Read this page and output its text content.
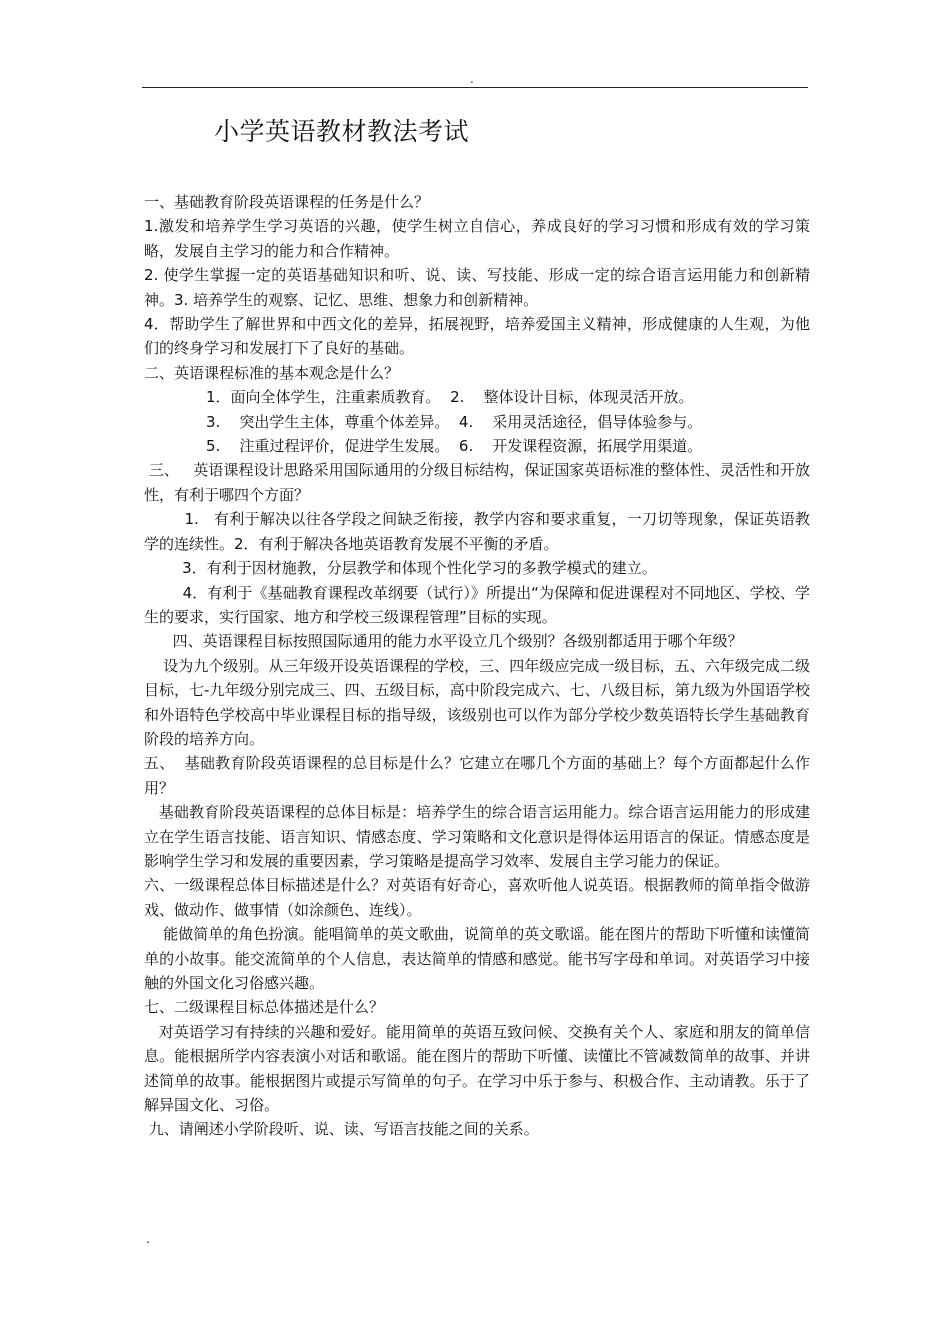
.
小学英语教材教法考试

一、基础教育阶段英语课程的任务是什么？

1.激发和培养学生学习英语的兴趣，使学生树立自信心，养成良好的学习习惯和形成有效的学习策略，发展自主学习的能力和合作精神。

2. 使学生掌握一定的英语基础知识和听、说、读、写技能、形成一定的综合语言运用能力和创新精神。3. 培养学生的观察、记忆、思维、想象力和创新精神。

4．帮助学生了解世界和中西文化的差异，拓展视野，培养爱国主义精神，形成健康的人生观，为他们的终身学习和发展打下了良好的基础。

二、英语课程标准的基本观念是什么？

1．面向全体学生，注重素质教育。  2.    整体设计目标，体现灵活开放。

3.    突出学生主体，尊重个体差异。  4.    采用灵活途径，倡导体验参与。

5.    注重过程评价，促进学生发展。  6.    开发课程资源，拓展学用渠道。

三、   英语课程设计思路采用国际通用的分级目标结构，保证国家英语标准的整体性、灵活性和开放性，有利于哪四个方面？

1.   有利于解决以往各学段之间缺乏衔接，教学内容和要求重复，一刀切等现象，保证英语教学的连续性。2．有利于解决各地英语教育发展不平衡的矛盾。

3．有利于因材施教，分层教学和体现个性化学习的多教学模式的建立。

4．有利于《基础教育课程改革纲要（试行）》所提出“为保障和促进课程对不同地区、学校、学生的要求，实行国家、地方和学校三级课程管理”目标的实现。

四、英语课程目标按照国际通用的能力水平设立几个级别？各级别都适用于哪个年级？

设为九个级别。从三年级开设英语课程的学校，三、四年级应完成一级目标，五、六年级完成二级目标，七-九年级分别完成三、四、五级目标，高中阶段完成六、七、八级目标，第九级为外国语学校和外语特色学校高中毕业课程目标的指导级，该级别也可以作为部分学校少数英语特长学生基础教育阶段的培养方向。

五、  基础教育阶段英语课程的总目标是什么？它建立在哪几个方面的基础上？每个方面都起什么作用？

基础教育阶段英语课程的总体目标是：培养学生的综合语言运用能力。综合语言运用能力的形成建立在学生语言技能、语言知识、情感态度、学习策略和文化意识是得体运用语言的保证。情感态度是影响学生学习和发展的重要因素，学习策略是提高学习效率、发展自主学习能力的保证。

六、一级课程总体目标描述是什么？对英语有好奇心，喜欢听他人说英语。根据教师的简单指令做游戏、做动作、做事情（如涂颜色、连线）。

能做简单的角色扮演。能唱简单的英文歌曲，说简单的英文歌谣。能在图片的帮助下听懂和读懂简单的小故事。能交流简单的个人信息，表达简单的情感和感觉。能书写字母和单词。对英语学习中接触的外国文化习俗感兴趣。

七、二级课程目标总体描述是什么？

对英语学习有持续的兴趣和爱好。能用简单的英语互致问候、交换有关个人、家庭和朋友的简单信息。能根据所学内容表演小对话和歌谣。能在图片的帮助下听懂、读懂比不管减数简单的故事、并讲述简单的故事。能根据图片或提示写简单的句子。在学习中乐于参与、积极合作、主动请教。乐于了解异国文化、习俗。

九、请阐述小学阶段听、说、读、写语言技能之间的关系。

.
